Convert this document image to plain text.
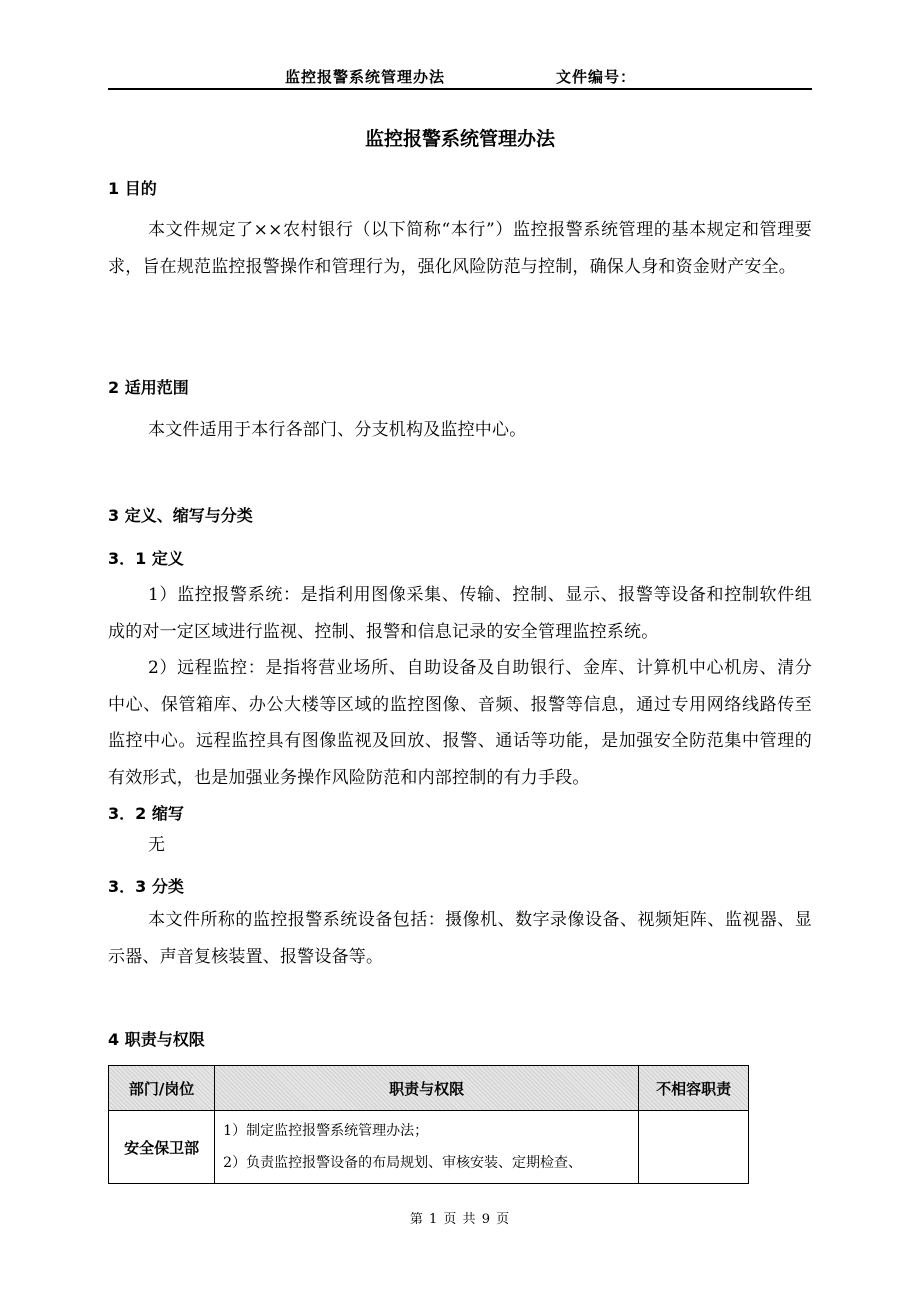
监控报警系统管理办法	文件编号：
监控报警系统管理办法
1 目的
本文件规定了××农村银行（以下简称“本行”）监控报警系统管理的基本规定和管理要求，旨在规范监控报警操作和管理行为，强化风险防范与控制，确保人身和资金财产安全。
2 适用范围
本文件适用于本行各部门、分支机构及监控中心。
3 定义、缩写与分类
3．1 定义
1）监控报警系统：是指利用图像采集、传输、控制、显示、报警等设备和控制软件组成的对一定区域进行监视、控制、报警和信息记录的安全管理监控系统。
2）远程监控：是指将营业场所、自助设备及自助银行、金库、计算机中心机房、清分中心、保管箱库、办公大楼等区域的监控图像、音频、报警等信息，通过专用网络线路传至监控中心。远程监控具有图像监视及回放、报警、通话等功能，是加强安全防范集中管理的有效形式，也是加强业务操作风险防范和内部控制的有力手段。
3．2 缩写
无
3．3 分类
本文件所称的监控报警系统设备包括：摄像机、数字录像设备、视频矩阵、监视器、显示器、声音复核装置、报警设备等。
4 职责与权限
部门/岗位	职责与权限	不相容职责
安全保卫部	1）制定监控报警系统管理办法；
2）负责监控报警设备的布局规划、审核安装、定期检查、	

第 1 页 共 9 页
